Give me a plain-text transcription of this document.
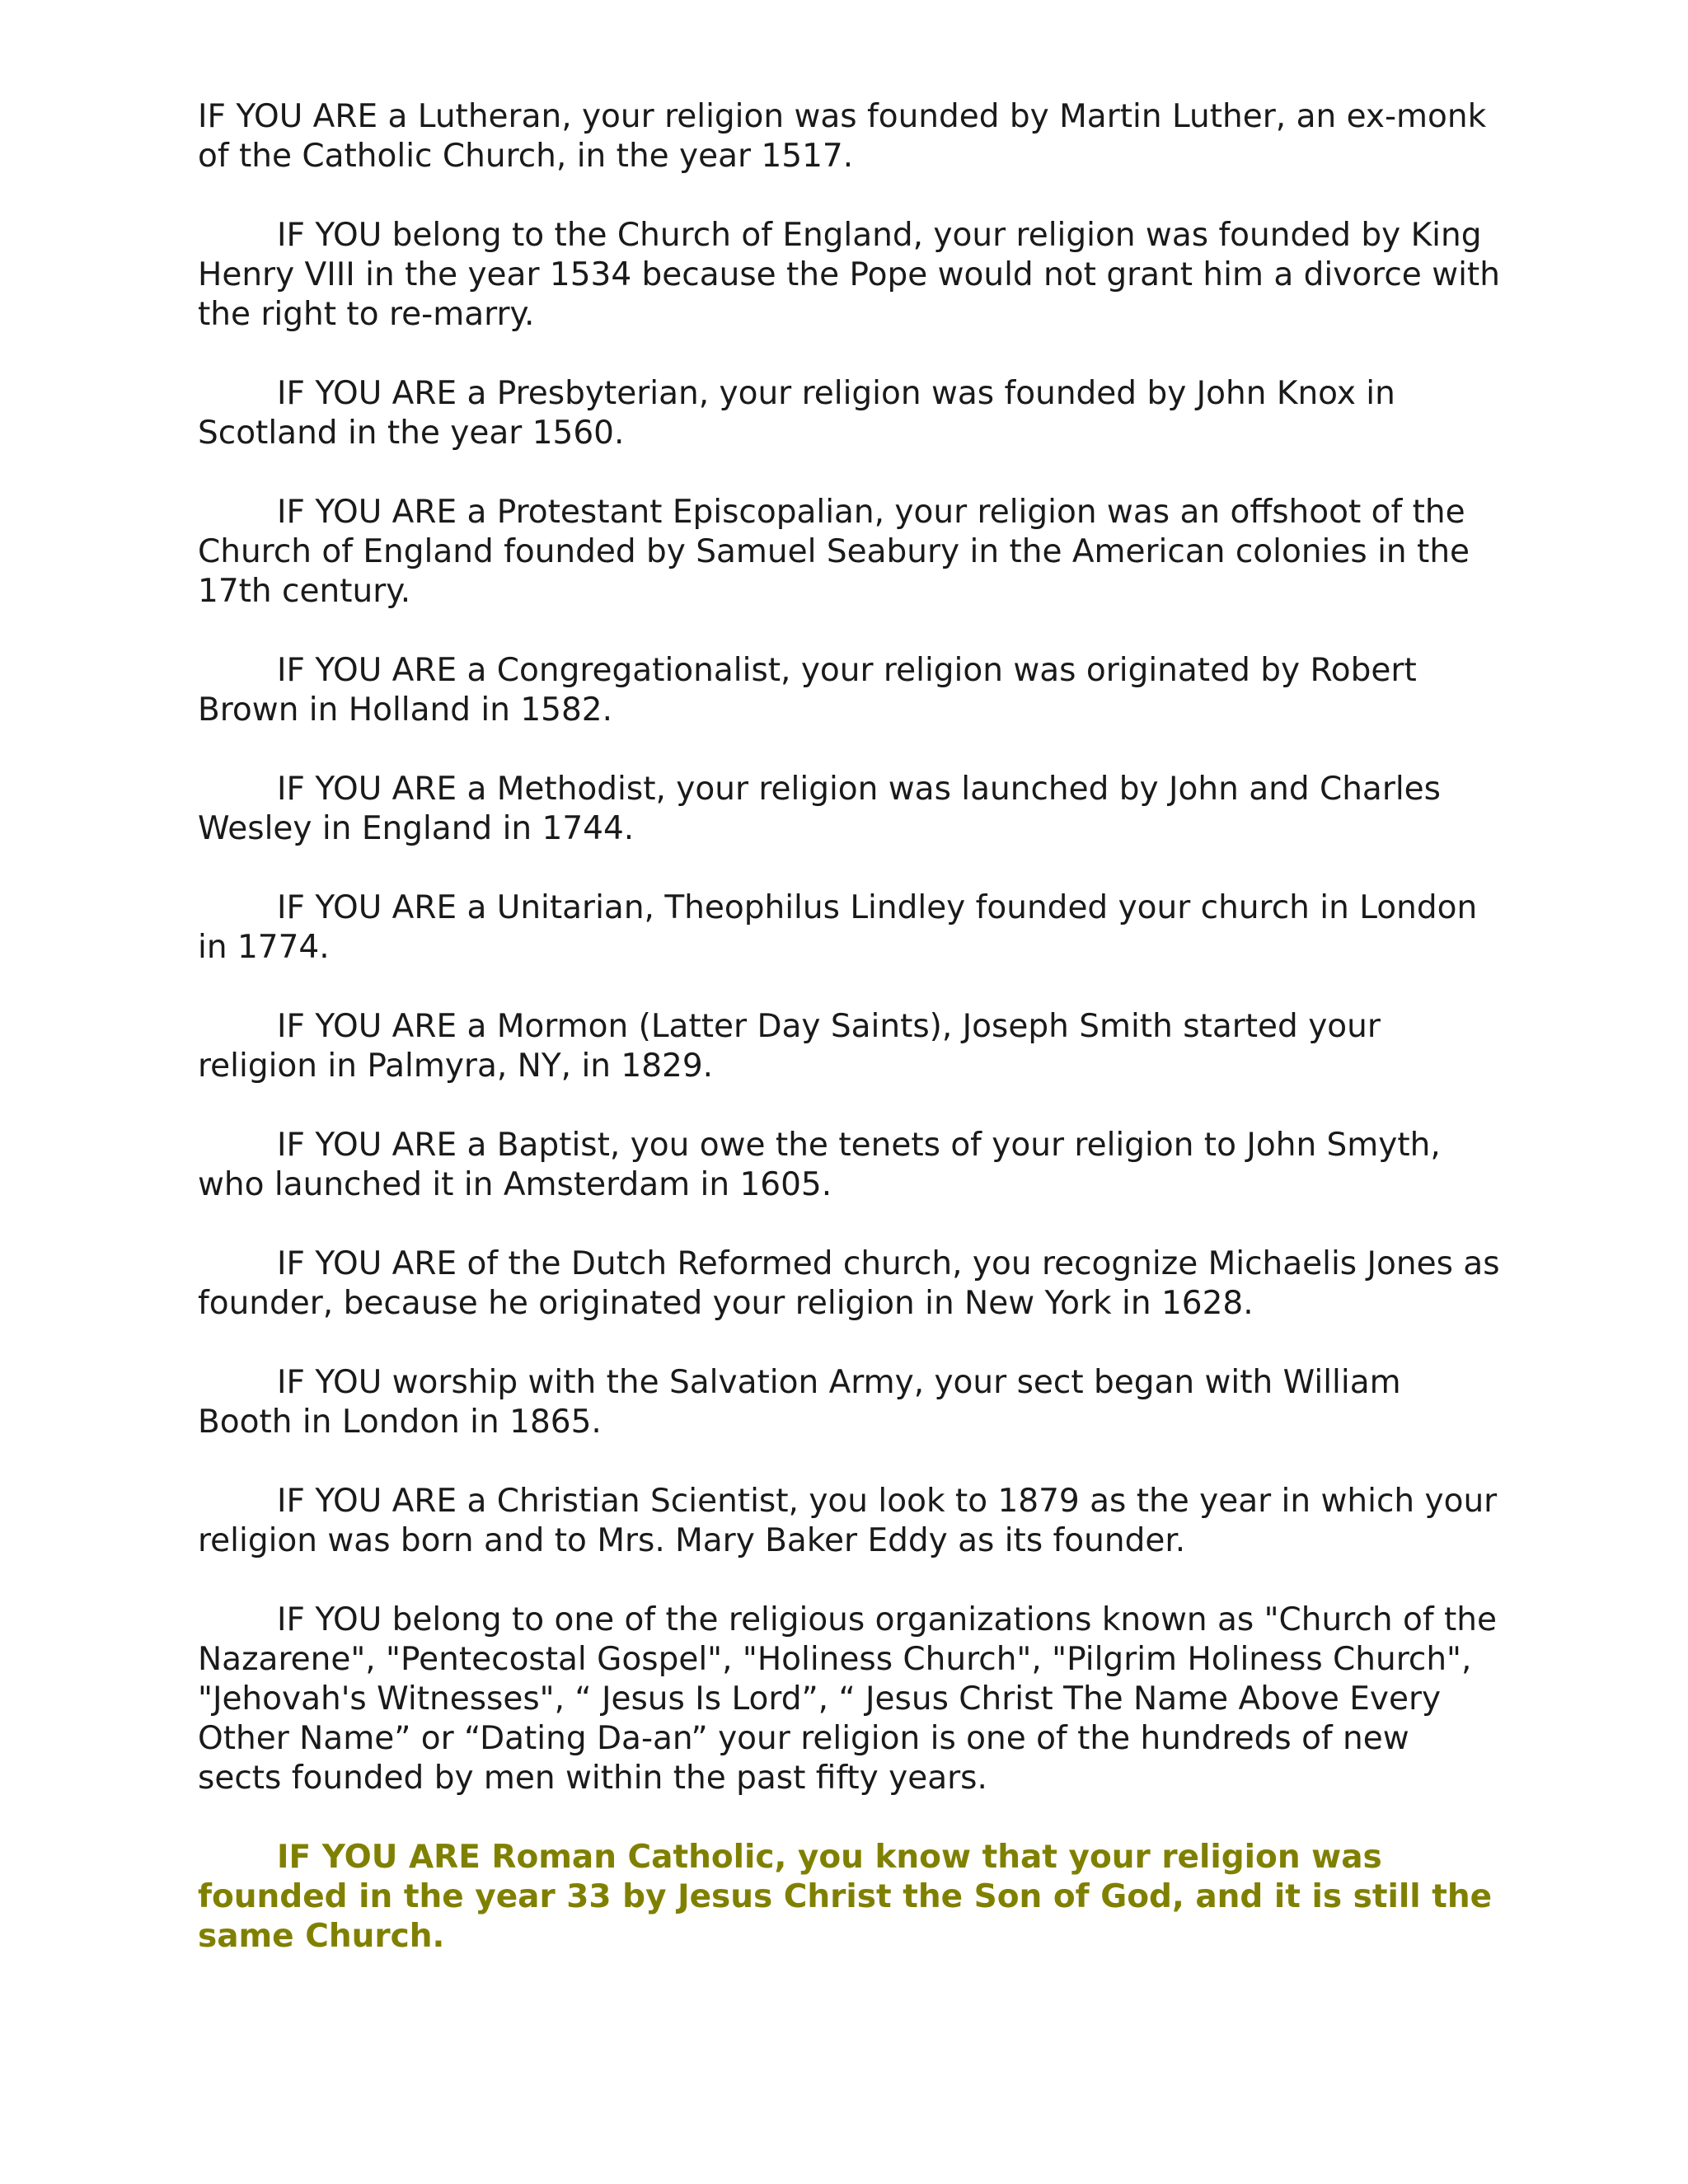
IF YOU ARE a Lutheran, your religion was founded by Martin Luther, an ex-monk of the Catholic Church, in the year 1517.

IF YOU belong to the Church of England, your religion was founded by King Henry VIII in the year 1534 because the Pope would not grant him a divorce with the right to re-marry.

IF YOU ARE a Presbyterian, your religion was founded by John Knox in Scotland in the year 1560.

IF YOU ARE a Protestant Episcopalian, your religion was an offshoot of the Church of England founded by Samuel Seabury in the American colonies in the 17th century.

IF YOU ARE a Congregationalist, your religion was originated by Robert Brown in Holland in 1582.

IF YOU ARE a Methodist, your religion was launched by John and Charles Wesley in England in 1744.

IF YOU ARE a Unitarian, Theophilus Lindley founded your church in London in 1774.

IF YOU ARE a Mormon (Latter Day Saints), Joseph Smith started your religion in Palmyra, NY, in 1829.

IF YOU ARE a Baptist, you owe the tenets of your religion to John Smyth, who launched it in Amsterdam in 1605.

IF YOU ARE of the Dutch Reformed church, you recognize Michaelis Jones as founder, because he originated your religion in New York in 1628.

IF YOU worship with the Salvation Army, your sect began with William Booth in London in 1865.

IF YOU ARE a Christian Scientist, you look to 1879 as the year in which your religion was born and to Mrs. Mary Baker Eddy as its founder.

IF YOU belong to one of the religious organizations known as "Church of the Nazarene", "Pentecostal Gospel", "Holiness Church", "Pilgrim Holiness Church", "Jehovah's Witnesses", “ Jesus Is Lord”, “ Jesus Christ The Name Above Every Other Name” or “Dating Da-an” your religion is one of the hundreds of new sects founded by men within the past fifty years.

IF YOU ARE Roman Catholic, you know that your religion was founded in the year 33 by Jesus Christ the Son of God, and it is still the same Church.
